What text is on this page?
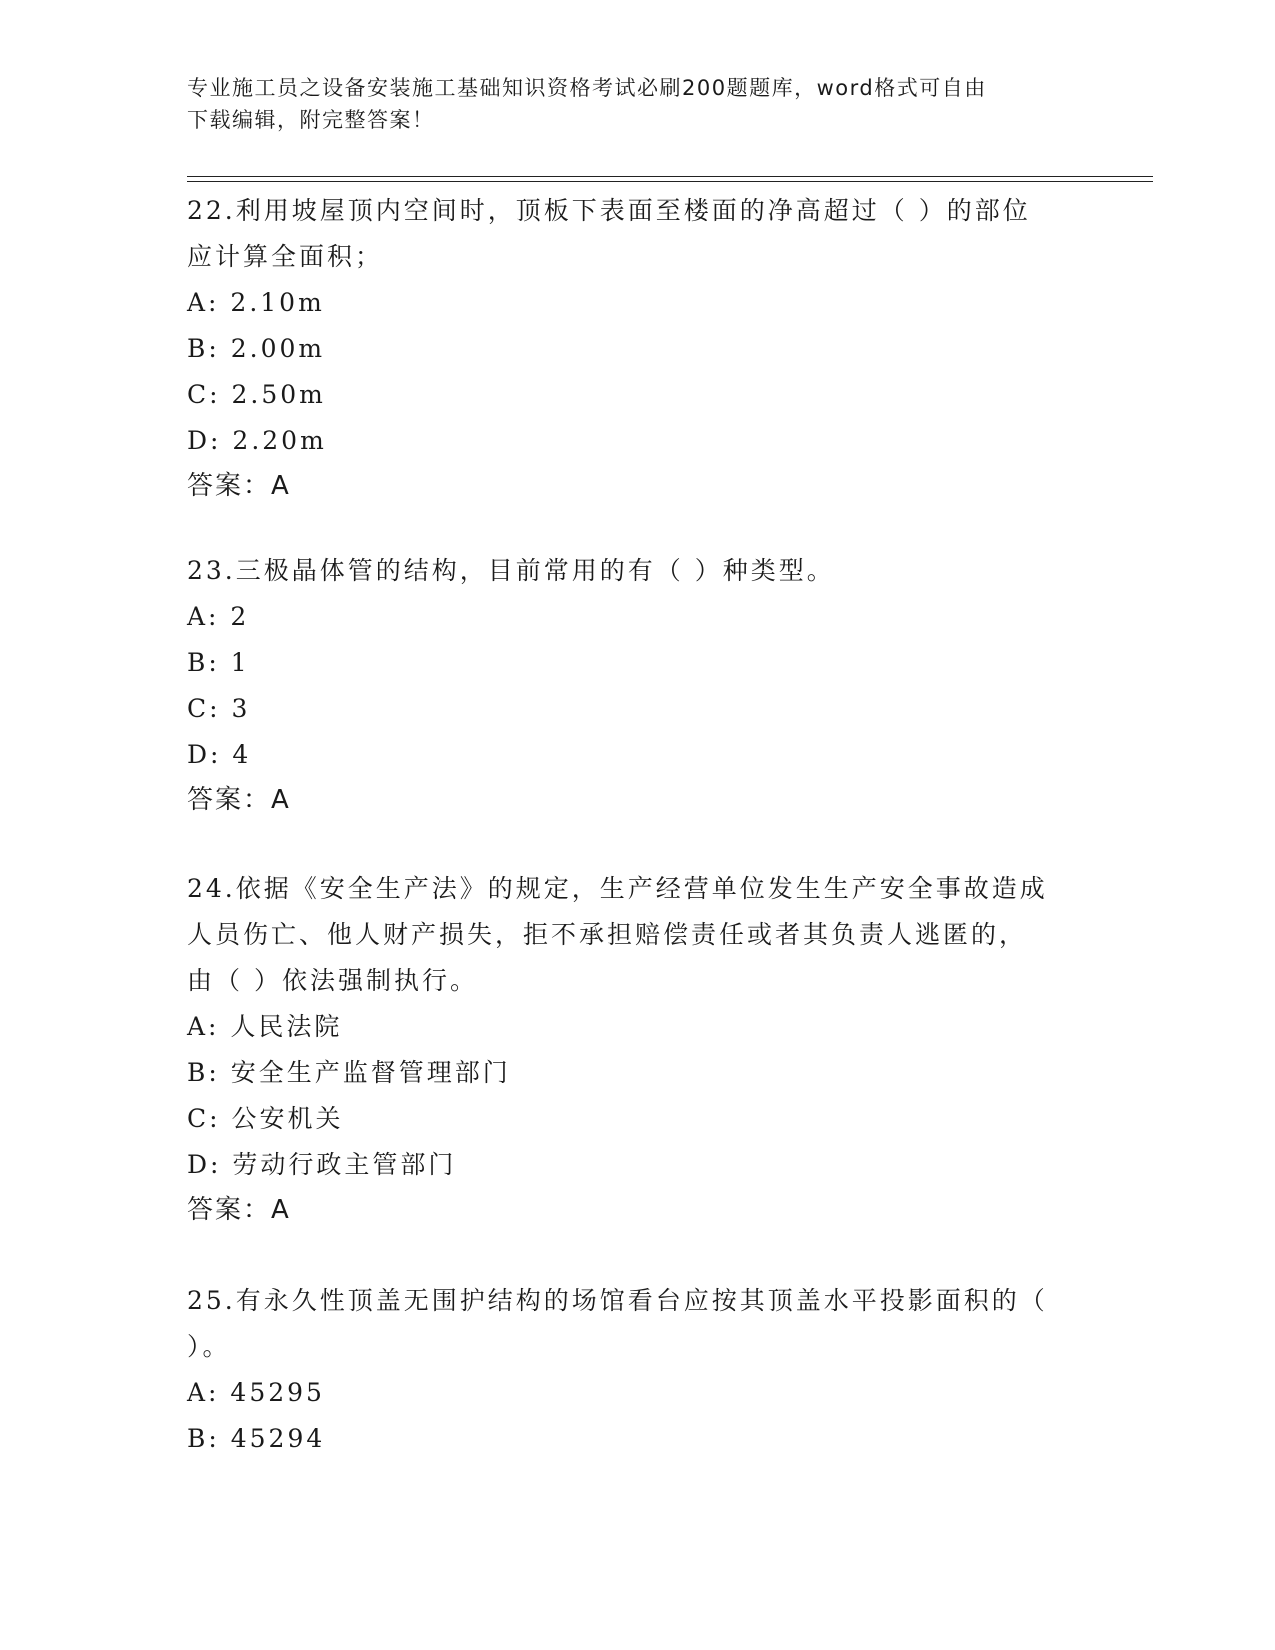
专业施工员之设备安装施工基础知识资格考试必刷200题题库，word格式可自由
下载编辑，附完整答案！

22.利用坡屋顶内空间时，顶板下表面至楼面的净高超过（ ）的部位

应计算全面积；

A: 2.10m

B: 2.00m

C: 2.50m

D: 2.20m

答案：A

23.三极晶体管的结构，目前常用的有（ ）种类型。

A: 2

B: 1

C: 3

D: 4

答案：A

24.依据《安全生产法》的规定，生产经营单位发生生产安全事故造成

人员伤亡、他人财产损失，拒不承担赔偿责任或者其负责人逃匿的，

由（ ）依法强制执行。

A: 人民法院

B: 安全生产监督管理部门

C: 公安机关

D: 劳动行政主管部门

答案：A

25.有永久性顶盖无围护结构的场馆看台应按其顶盖水平投影面积的（

）。

A: 45295

B: 45294
